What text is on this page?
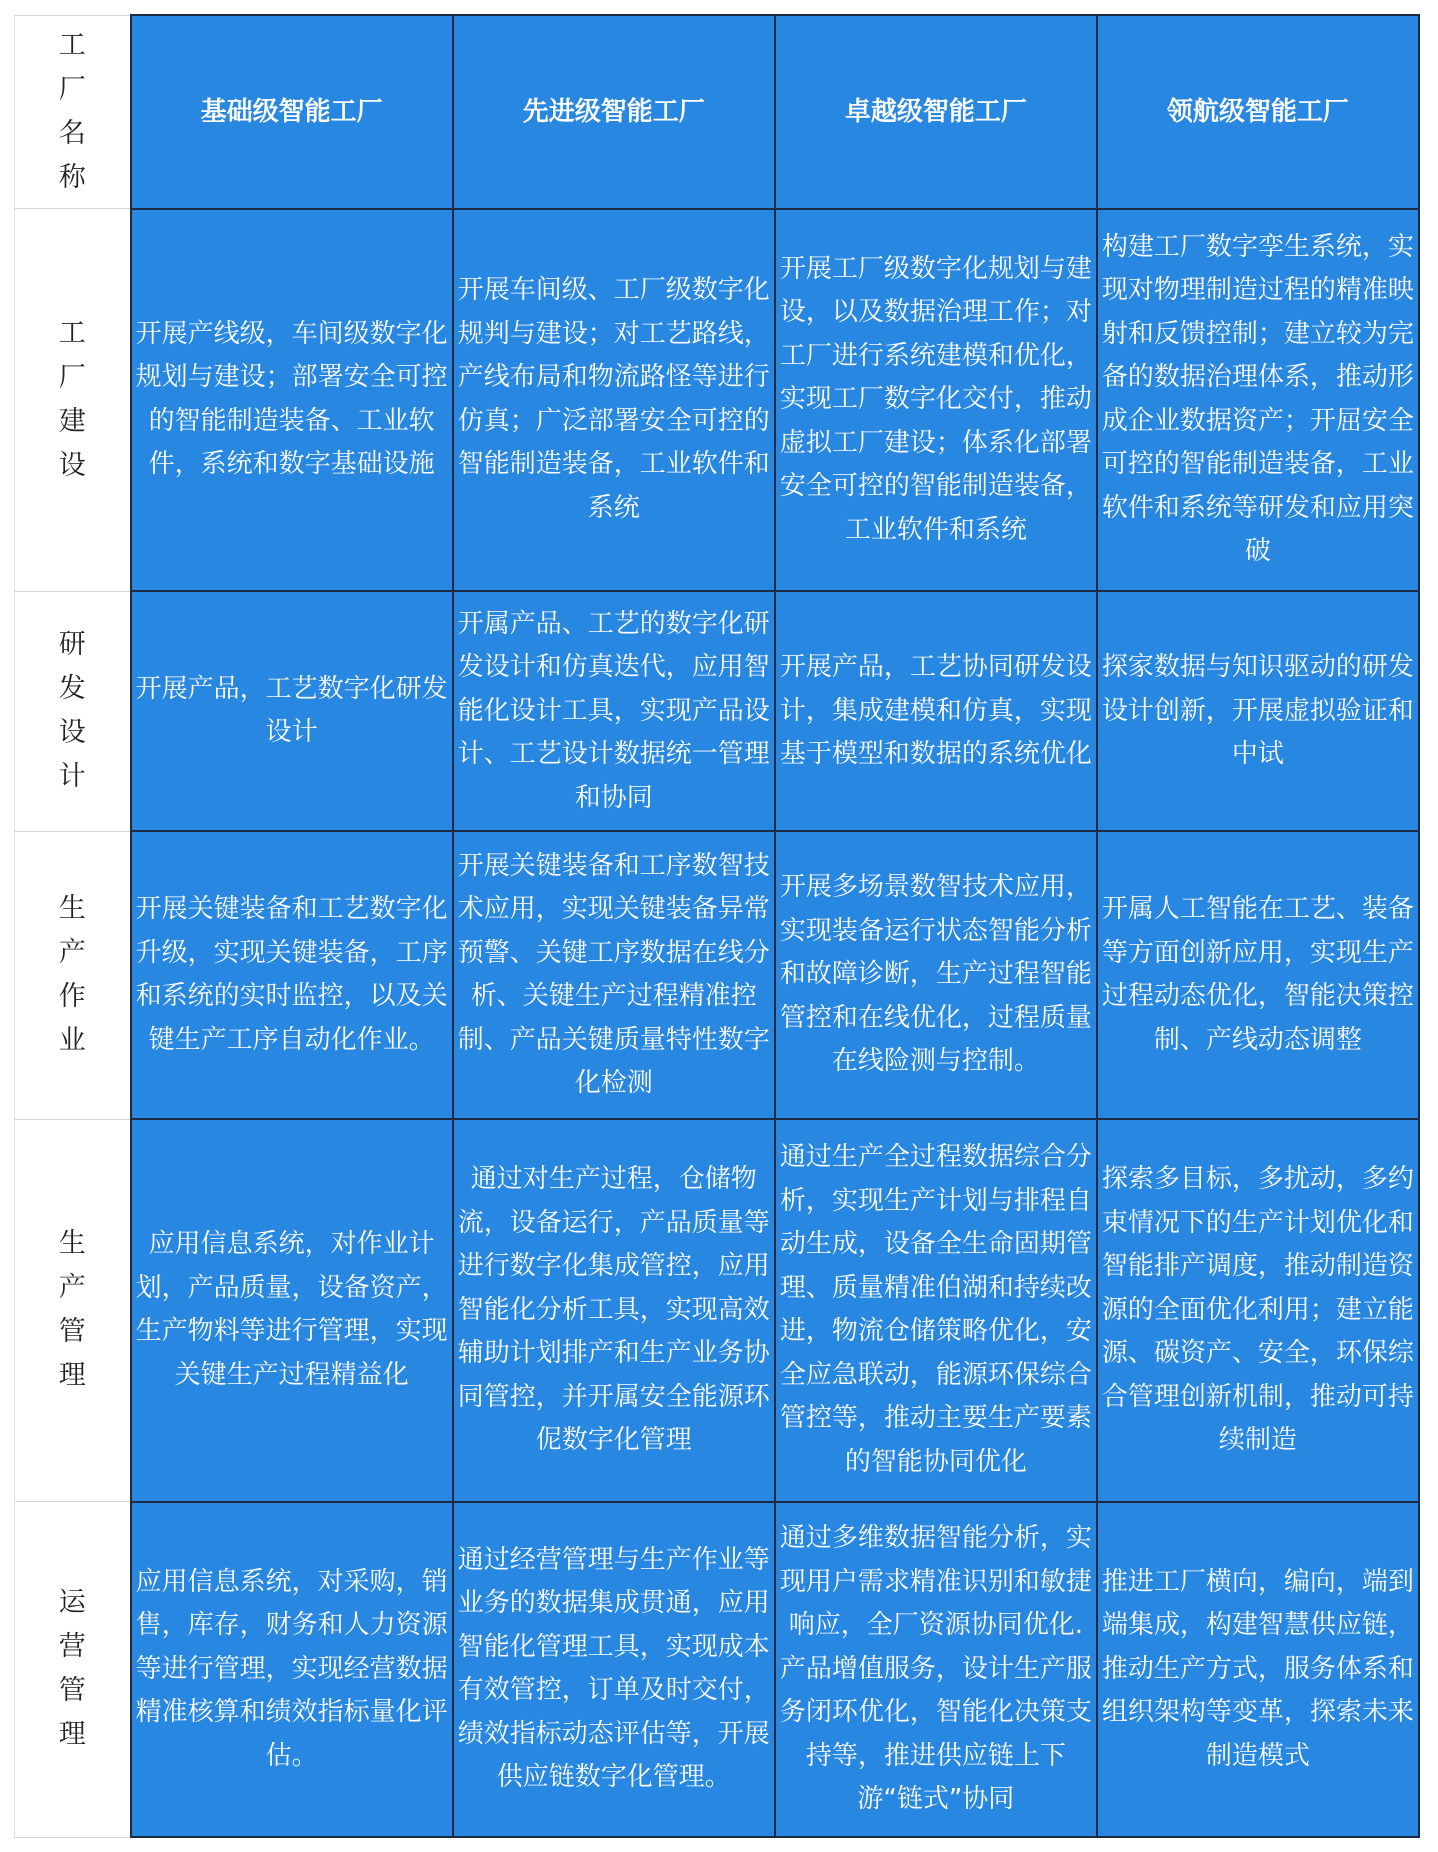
工
厂
名
称	基础级智能工厂	先进级智能工厂	卓越级智能工厂	领航级智能工厂
工
厂
建
设	开展产线级，车间级数字化规划与建设；部署安全可控的智能制造装备、工业软件，系统和数字基础设施	开展车间级、工厂级数字化规判与建设；对工艺路线，产线布局和物流路怪等进行仿真；广泛部署安全可控的智能制造装备，工业软件和系统	开展工厂级数字化规划与建设，以及数据治理工作；对工厂进行系统建模和优化，实现工厂数字化交付，推动虚拟工厂建设；体系化部署安全可控的智能制造装备，工业软件和系统	构建工厂数字孪生系统，实现对物理制造过程的精准映射和反馈控制；建立较为完备的数据治理体系，推动形成企业数据资产；开屈安全可控的智能制造装备，工业软件和系统等研发和应用突破
研
发
设
计	开展产品，工艺数字化研发设计	开属产品、工艺的数字化研发设计和仿真迭代，应用智能化设计工具，实现产品设计、工艺设计数据统一管理和协同	开展产品，工艺协同研发设计，集成建模和仿真，实现基于模型和数据的系统优化	探家数据与知识驱动的研发设计创新，开展虚拟验证和中试
生
产
作
业	开展关键装备和工艺数字化升级，实现关键装备，工序和系统的实时监控，以及关键生产工序自动化作业。	开展关键装备和工序数智技术应用，实现关键装备异常预警、关键工序数据在线分析、关键生产过程精准控制、产品关键质量特性数字化检测	开展多场景数智技术应用，实现装备运行状态智能分析和故障诊断，生产过程智能管控和在线优化，过程质量在线险测与控制。	开属人工智能在工艺、装备等方面创新应用，实现生产过程动态优化，智能决策控制、产线动态调整
生
产
管
理	应用信息系统，对作业计划，产品质量，设备资产，生产物料等进行管理，实现关键生产过程精益化	通过对生产过程，仓储物流，设备运行，产品质量等进行数字化集成管控，应用智能化分析工具，实现高效辅助计划排产和生产业务协同管控，并开属安全能源环伲数字化管理	通过生产全过程数据综合分析，实现生产计划与排程自动生成，设备全生命固期管理、质量精准伯湖和持续改进，物流仓储策略优化，安全应急联动，能源环保综合管控等，推动主要生产要素的智能协同优化	探索多目标，多扰动，多约束情况下的生产计划优化和智能排产调度，推动制造资源的全面优化利用；建立能源、碳资产、安全，环保综合管理创新机制，推动可持续制造
运
营
管
理	应用信息系统，对采购，销售，库存，财务和人力资源等进行管理，实现经营数据精准核算和绩效指标量化评估。	通过经营管理与生产作业等业务的数据集成贯通，应用智能化管理工具，实现成本有效管控，订单及时交付，绩效指标动态评估等，开展供应链数字化管理。	通过多维数据智能分析，实现用户需求精准识别和敏捷响应，全厂资源协同优化.产品增值服务，设计生产服务闭环优化，智能化决策支持等，推进供应链上下游“链式”协同	推进工厂横向，编向，端到端集成，构建智慧供应链，推动生产方式，服务体系和组织架构等变革，探索未来制造模式
